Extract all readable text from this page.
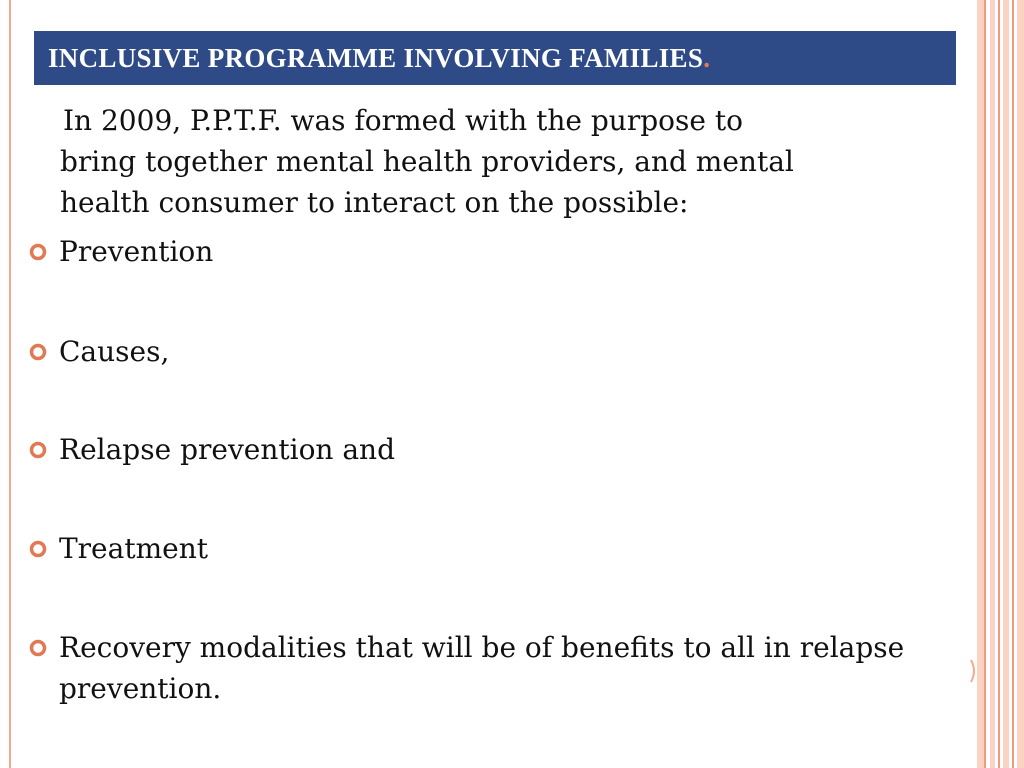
INCLUSIVE PROGRAMME INVOLVING FAMILIES .
In 2009, P.P.T.F. was formed with the purpose to
bring together mental health providers, and mental
health consumer to interact on the possible:
Prevention
Causes,
Relapse prevention and
Treatment
Recovery modalities that will be of benefits to all in relapse prevention.
